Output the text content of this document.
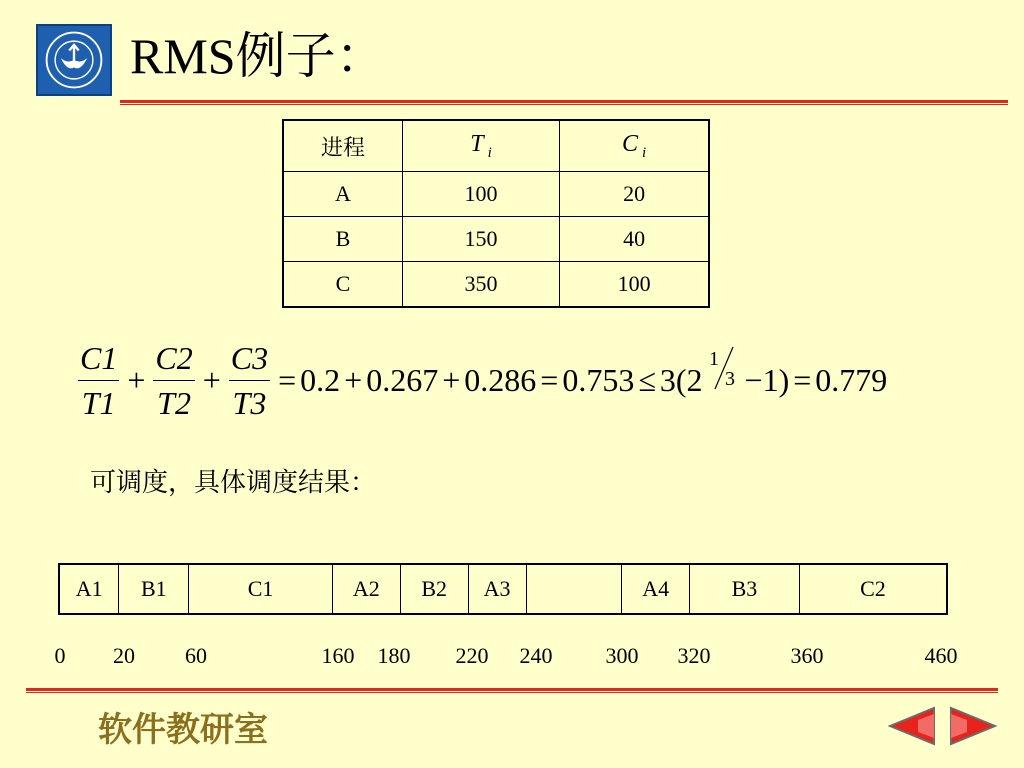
RMS例子：
进程	T $_i$	C $_i$
A	100	20
B	150	40
C	350	100
$\frac{C1}{T1} + \frac{C2}{T2} + \frac{C3}{T3} = 0.2 + 0.267 + 0.286 = 0.753 \le 3(2$
1
3 −1) = 0.779
可调度，具体调度结果：
A1	B1	C1	A2	B2	A3		A4	B3	C2
0 20 60	160 180 220 240 300 320	360	460
软件教研室
